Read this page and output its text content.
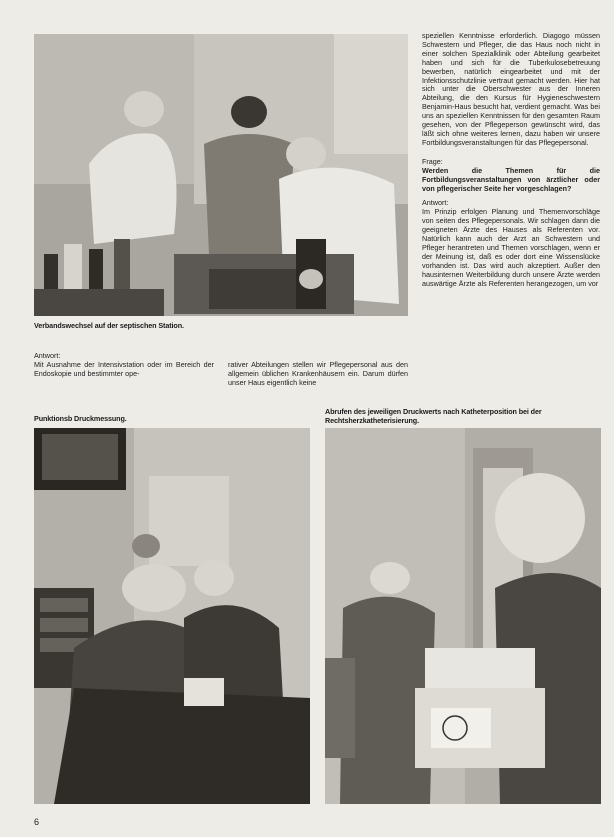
Verbandswechsel auf der septischen Station.

speziellen Kenntnisse erforderlich. Diagogo müssen Schwestern und Pfleger, die das Haus noch nicht in einer solchen Spezialklinik oder Abteilung gearbeitet haben und sich für die Tuberkulosebetreuung bewerben, natürlich eingearbeitet und mit der Infektionsschutzlinie vertraut gemacht werden. Hier hat sich unter die Oberschwester aus der Inneren Abteilung, die den Kursus für Hygieneschwestern Benjamin-Haus besucht hat, verdient gemacht. Was bei uns an speziellen Kenntnissen für den gesamten Raum gesehen, von der Pflegeperson gewünscht wird, das läßt sich ohne weiteres lernen, dazu haben wir unsere Fortbildungsveranstaltungen für das Pflegepersonal.

Frage:

Werden die Themen für die Fortbildungsveranstaltungen von ärztlicher oder von pflegerischer Seite her vorgeschlagen?

Antwort:

Im Prinzip erfolgen Planung und Themenvorschläge von seiten des Pflegepersonals. Wir schlagen dann die geeigneten Ärzte des Hauses als Referenten vor. Natürlich kann auch der Arzt an Schwestern und Pfleger herantreten und Themen vorschlagen, wenn er der Meinung ist, daß es oder dort eine Wissenslücke vorhanden ist. Das wird auch akzeptiert. Außer den hausinternen Weiterbildung durch unsere Ärzte werden auswärtige Ärzte als Referenten herangezogen, um vor

Antwort:

Mit Ausnahme der Intensivstation oder im Bereich der Endoskopie und bestimmter ope-

rativer Abteilungen stellen wir Pflegepersonal aus den allgemein üblichen Krankenhäusern ein. Darum dürfen unser Haus eigentlich keine

Punktionsb Druckmessung.
Abrufen des jeweiligen Druckwerts nach Katheterposition bei der Rechtsherzkatheterisierung.
6
